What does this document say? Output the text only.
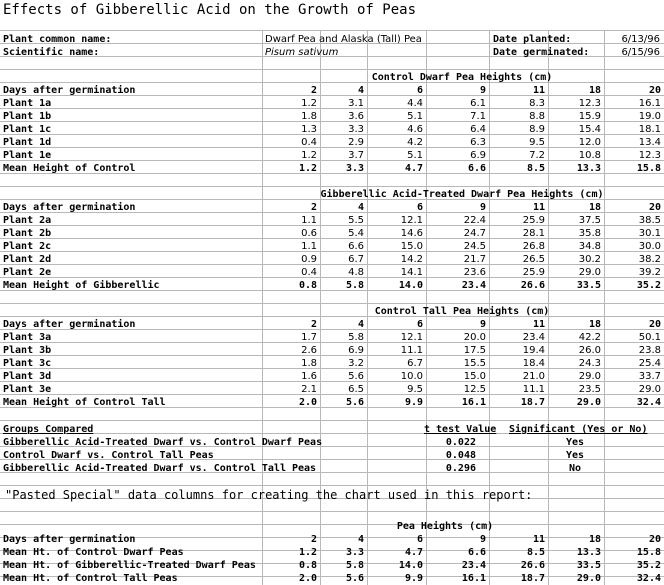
Effects of Gibberellic Acid on the Growth of Peas
Plant common name:	Dwarf Pea and Alaska (Tall) Pea	Date planted:	6/13/96
Scientific name:	Pisum sativum	Date germinated:	6/15/96
Control Dwarf Pea Heights (cm)
Days after germination	2	4	6	9	11	18	20
Plant 1a	1.2	3.1	4.4	6.1	8.3	12.3	16.1
Plant 1b	1.8	3.6	5.1	7.1	8.8	15.9	19.0
Plant 1c	1.3	3.3	4.6	6.4	8.9	15.4	18.1
Plant 1d	0.4	2.9	4.2	6.3	9.5	12.0	13.4
Plant 1e	1.2	3.7	5.1	6.9	7.2	10.8	12.3
Mean Height of Control	1.2	3.3	4.7	6.6	8.5	13.3	15.8
Gibberellic Acid-Treated Dwarf Pea Heights (cm)
Days after germination	2	4	6	9	11	18	20
Plant 2a	1.1	5.5	12.1	22.4	25.9	37.5	38.5
Plant 2b	0.6	5.4	14.6	24.7	28.1	35.8	30.1
Plant 2c	1.1	6.6	15.0	24.5	26.8	34.8	30.0
Plant 2d	0.9	6.7	14.2	21.7	26.5	30.2	38.2
Plant 2e	0.4	4.8	14.1	23.6	25.9	29.0	39.2
Mean Height of Gibberellic	0.8	5.8	14.0	23.4	26.6	33.5	35.2
Control Tall Pea Heights (cm)
Days after germination	2	4	6	9	11	18	20
Plant 3a	1.7	5.8	12.1	20.0	23.4	42.2	50.1
Plant 3b	2.6	6.9	11.1	17.5	19.4	26.0	23.8
Plant 3c	1.8	3.2	6.7	15.5	18.4	24.3	25.4
Plant 3d	1.6	5.6	10.0	15.0	21.0	29.0	33.7
Plant 3e	2.1	6.5	9.5	12.5	11.1	23.5	29.0
Mean Height of Control Tall	2.0	5.6	9.9	16.1	18.7	29.0	32.4
Groups Compared	t test Value	Significant (Yes or No)
Gibberellic Acid-Treated Dwarf vs. Control Dwarf Peas	0.022	Yes
Control Dwarf vs. Control Tall Peas	0.048	Yes
Gibberellic Acid-Treated Dwarf vs. Control Tall Peas	0.296	No
"Pasted Special" data columns for creating the chart used in this report:
Pea Heights (cm)
Days after germination	2	4	6	9	11	18	20
Mean Ht. of Control Dwarf Peas	1.2	3.3	4.7	6.6	8.5	13.3	15.8
Mean Ht. of Gibberellic-Treated Dwarf Peas	0.8	5.8	14.0	23.4	26.6	33.5	35.2
Mean Ht. of Control Tall Peas	2.0	5.6	9.9	16.1	18.7	29.0	32.4
